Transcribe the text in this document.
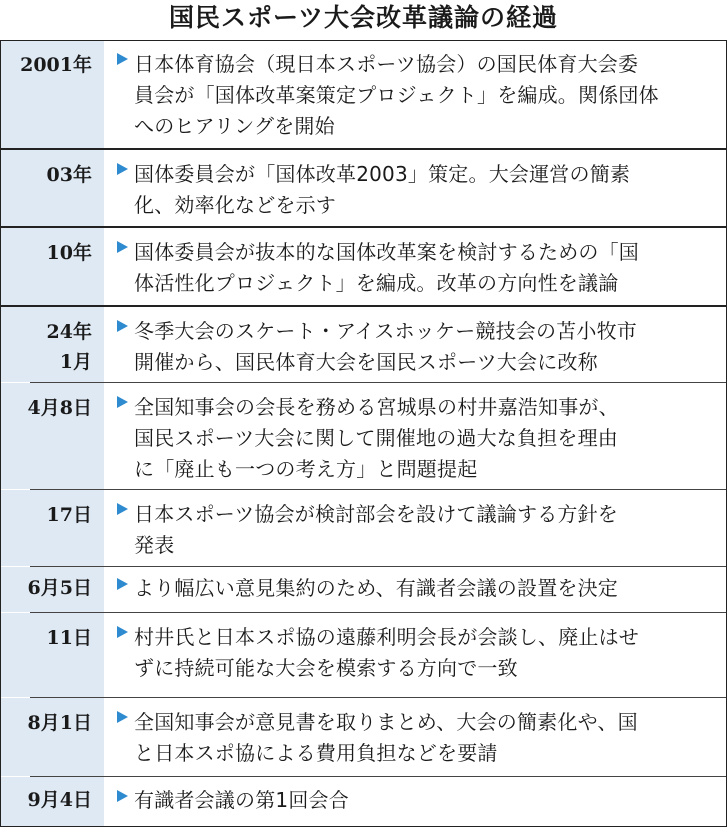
国民スポーツ大会改革議論の経過
2001年 日本体育協会（現日本スポーツ協会）の国民体育大会委
員会が「国体改革案策定プロジェクト」を編成。関係団体
へのヒアリングを開始
03年 国体委員会が「国体改革2003」策定。大会運営の簡素
化、効率化などを示す
10年 国体委員会が抜本的な国体改革案を検討するための「国
体活性化プロジェクト」を編成。改革の方向性を議論
24年
1月
冬季大会のスケート・アイスホッケー競技会の苫小牧市
開催から、国民体育大会を国民スポーツ大会に改称
4月8日 全国知事会の会長を務める宮城県の村井嘉浩知事が、
国民スポーツ大会に関して開催地の過大な負担を理由
に「廃止も一つの考え方」と問題提起
17日 日本スポーツ協会が検討部会を設けて議論する方針を
発表
6月5日 より幅広い意見集約のため、有識者会議の設置を決定
11日 村井氏と日本スポ協の遠藤利明会長が会談し、廃止はせ
ずに持続可能な大会を模索する方向で一致
8月1日 全国知事会が意見書を取りまとめ、大会の簡素化や、国
と日本スポ協による費用負担などを要請
9月4日 有識者会議の第1回会合
